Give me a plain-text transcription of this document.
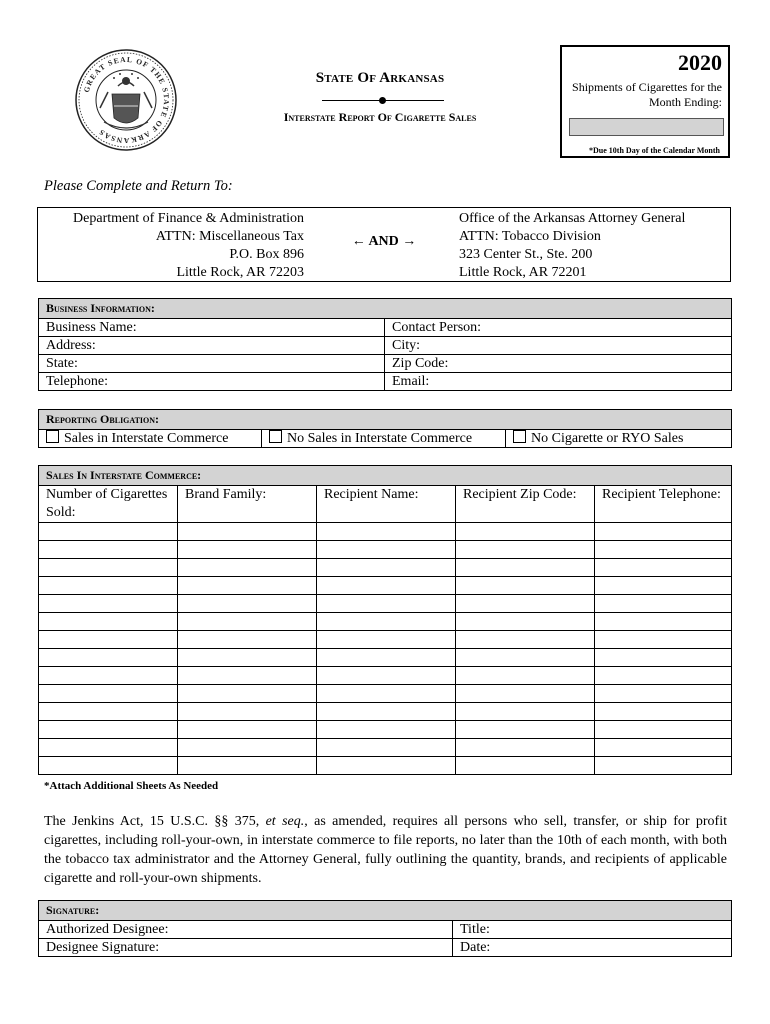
GREAT SEAL OF THE STATE OF ARKANSAS
State Of Arkansas
Interstate Report Of Cigarette Sales
2020
Shipments of Cigarettes for the Month Ending:
*Due 10th Day of the Calendar Month
Please Complete and Return To:
Department of Finance & Administration
ATTN: Miscellaneous Tax
P.O. Box 896
Little Rock, AR 72203
← AND →
Office of the Arkansas Attorney General
ATTN: Tobacco Division
323 Center St., Ste. 200
Little Rock, AR 72201
Business Information:	
Business Name:	Contact Person:
Address:	City:
State:	Zip Code:
Telephone:	Email:
Reporting Obligation:
Sales in Interstate Commerce	No Sales in Interstate Commerce	No Cigarette or RYO Sales
Sales In Interstate Commerce:				
Number of Cigarettes Sold:	Brand Family:	Recipient Name:	Recipient Zip Code:	Recipient Telephone:

*Attach Additional Sheets As Needed
The Jenkins Act, 15 U.S.C. §§ 375, et seq., as amended, requires all persons who sell, transfer, or ship for profit cigarettes, including roll-your-own, in interstate commerce to file reports, no later than the 10th of each month, with both the tobacco tax administrator and the Attorney General, fully outlining the quantity, brands, and recipients of applicable cigarette and roll-your-own shipments.
Signature:	
Authorized Designee:	Title:
Designee Signature:	Date:
